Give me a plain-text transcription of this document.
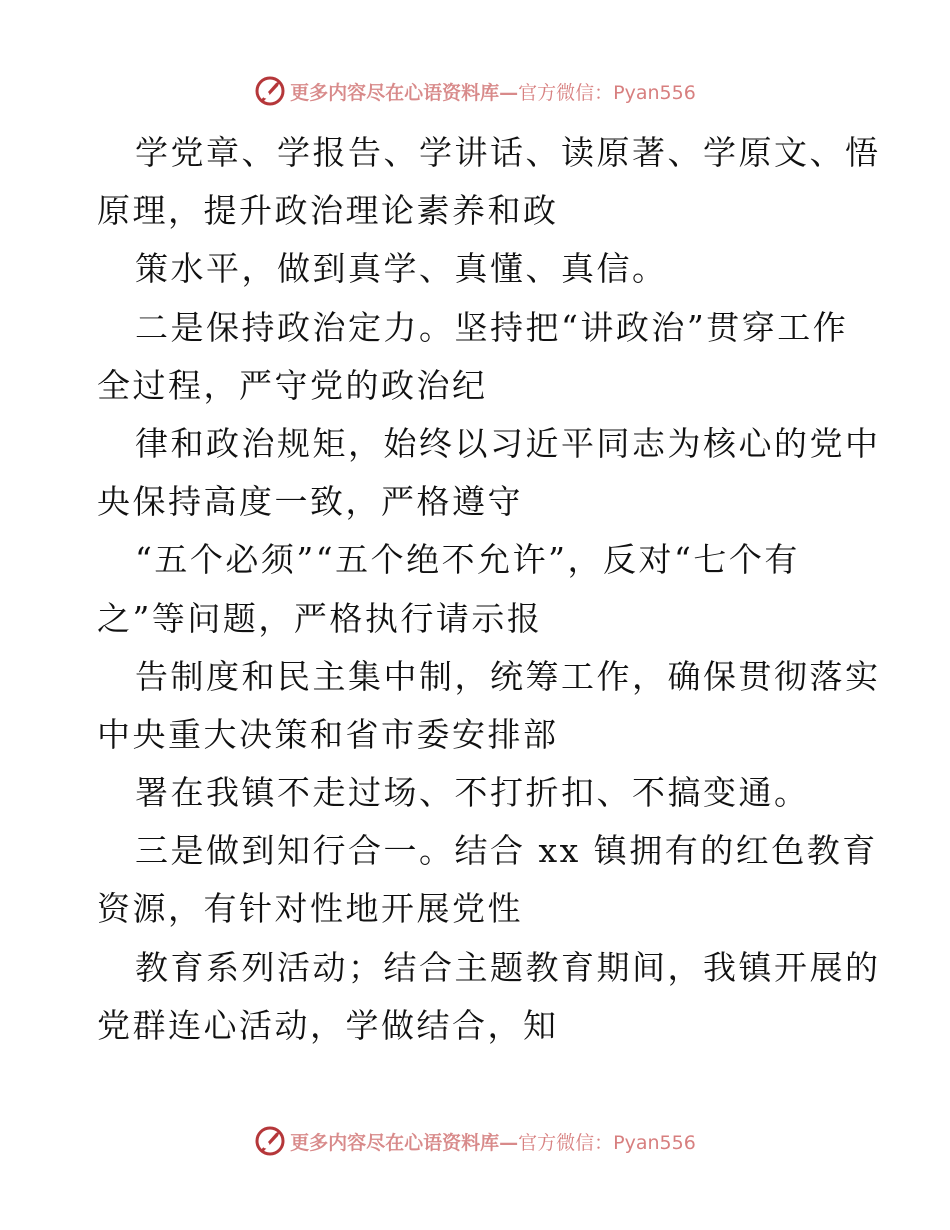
更多内容尽在心语资料库—官方微信：Pyan556
学党章、学报告、学讲话、读原著、学原文、悟
原理，提升政治理论素养和政
策水平，做到真学、真懂、真信。
二是保持政治定力。坚持把“讲政治”贯穿工作
全过程，严守党的政治纪
律和政治规矩，始终以习近平同志为核心的党中
央保持高度一致，严格遵守
“五个必须”“五个绝不允许”，反对“七个有
之”等问题，严格执行请示报
告制度和民主集中制，统筹工作，确保贯彻落实
中央重大决策和省市委安排部
署在我镇不走过场、不打折扣、不搞变通。
三是做到知行合一。结合 xx 镇拥有的红色教育
资源，有针对性地开展党性
教育系列活动；结合主题教育期间，我镇开展的
党群连心活动，学做结合，知
更多内容尽在心语资料库—官方微信：Pyan556
